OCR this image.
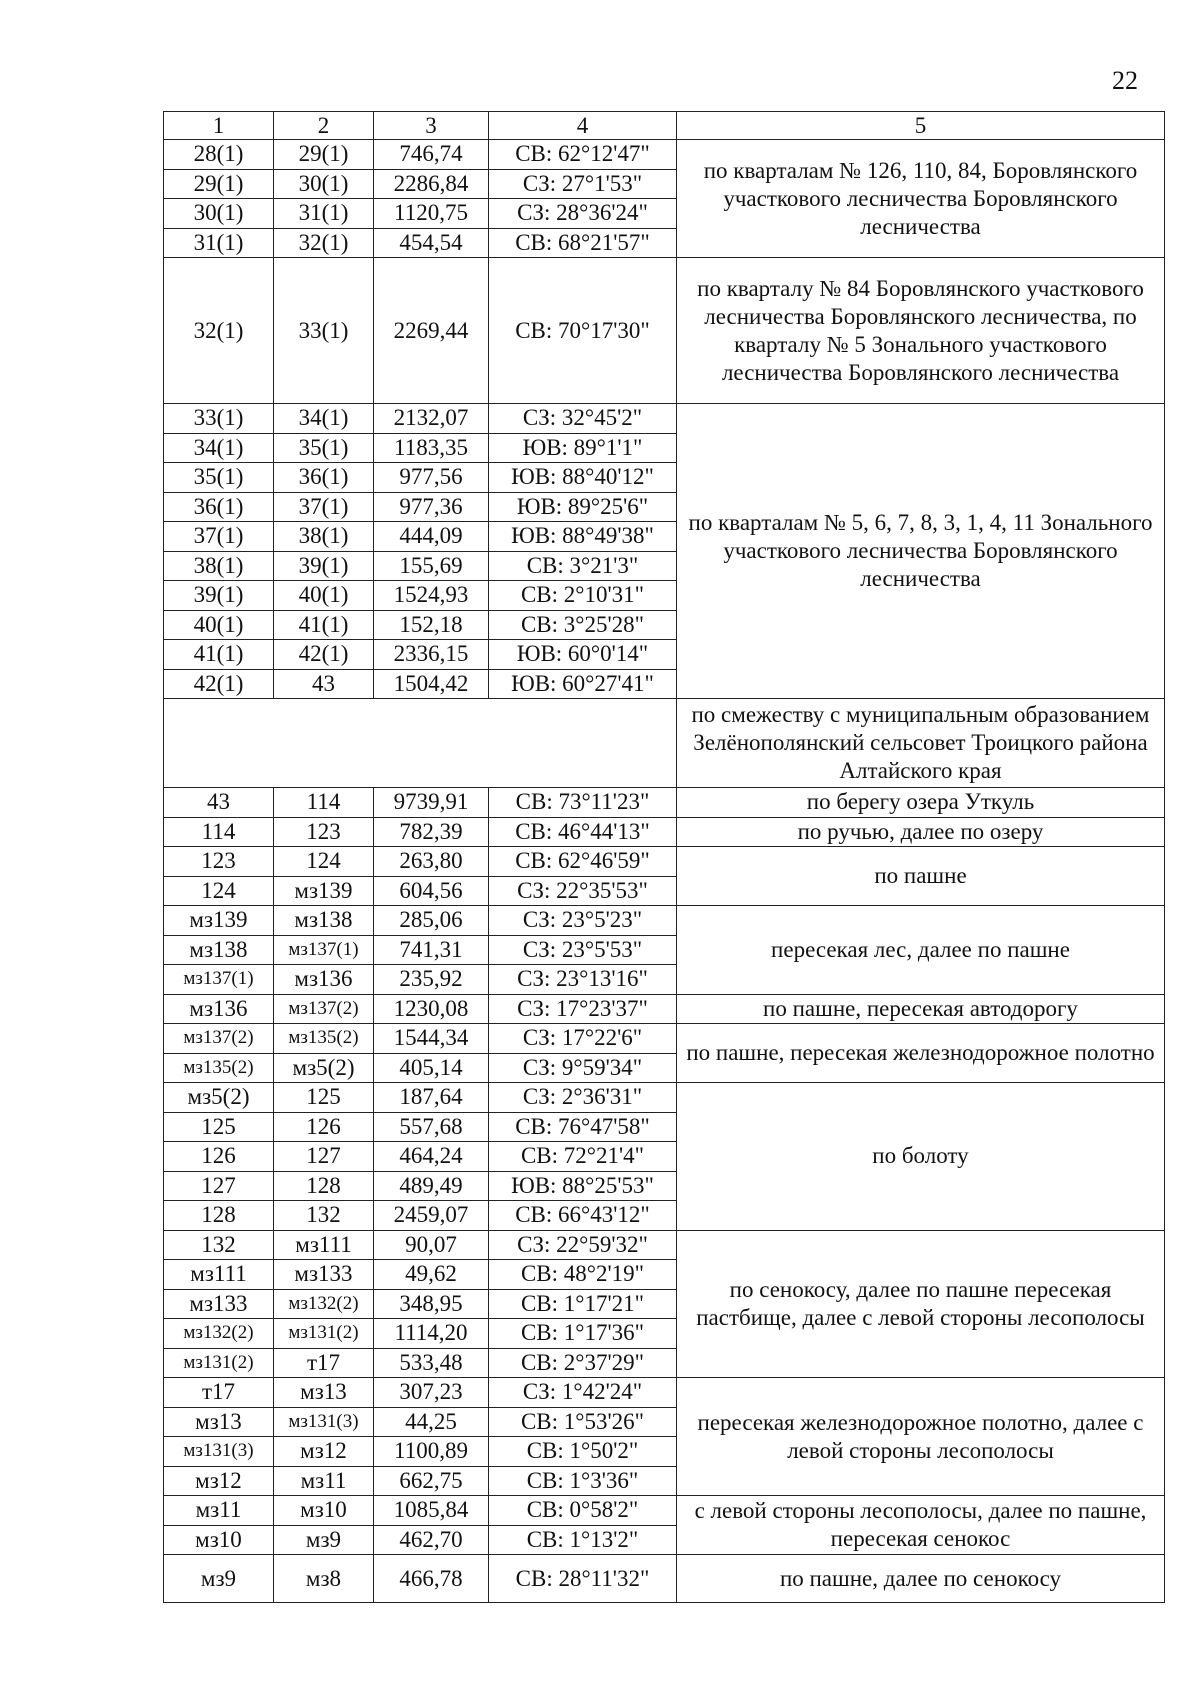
22
1	2	3	4	5
28(1)	29(1)	746,74	СВ: 62°12'47"	по кварталам № 126, 110, 84, Боровлянского участкового лесничества Боровлянского лесничества
29(1)	30(1)	2286,84	СЗ: 27°1'53"	
30(1)	31(1)	1120,75	СЗ: 28°36'24"	
31(1)	32(1)	454,54	СВ: 68°21'57"	
32(1)	33(1)	2269,44	СВ: 70°17'30"	по кварталу № 84 Боровлянского участкового лесничества Боровлянского лесничества, по кварталу № 5 Зонального участкового лесничества Боровлянского лесничества
33(1)	34(1)	2132,07	СЗ: 32°45'2"	по кварталам № 5, 6, 7, 8, 3, 1, 4, 11 Зонального участкового лесничества Боровлянского лесничества
34(1)	35(1)	1183,35	ЮВ: 89°1'1"	
35(1)	36(1)	977,56	ЮВ: 88°40'12"	
36(1)	37(1)	977,36	ЮВ: 89°25'6"	
37(1)	38(1)	444,09	ЮВ: 88°49'38"	
38(1)	39(1)	155,69	СВ: 3°21'3"	
39(1)	40(1)	1524,93	СВ: 2°10'31"	
40(1)	41(1)	152,18	СВ: 3°25'28"	
41(1)	42(1)	2336,15	ЮВ: 60°0'14"	
42(1)	43	1504,42	ЮВ: 60°27'41"	
				по смежеству с муниципальным образованием Зелёнополянский сельсовет Троицкого района Алтайского края
43	114	9739,91	СВ: 73°11'23"	по берегу озера Уткуль
114	123	782,39	СВ: 46°44'13"	по ручью, далее по озеру
123	124	263,80	СВ: 62°46'59"	по пашне
124	мз139	604,56	СЗ: 22°35'53"	
мз139	мз138	285,06	СЗ: 23°5'23"	пересекая лес, далее по пашне
мз138	мз137(1)	741,31	СЗ: 23°5'53"	
мз137(1)	мз136	235,92	СЗ: 23°13'16"	
мз136	мз137(2)	1230,08	СЗ: 17°23'37"	по пашне, пересекая автодорогу
мз137(2)	мз135(2)	1544,34	СЗ: 17°22'6"	по пашне, пересекая железнодорожное полотно
мз135(2)	мз5(2)	405,14	СЗ: 9°59'34"	
мз5(2)	125	187,64	СЗ: 2°36'31"	по болоту
125	126	557,68	СВ: 76°47'58"	
126	127	464,24	СВ: 72°21'4"	
127	128	489,49	ЮВ: 88°25'53"	
128	132	2459,07	СВ: 66°43'12"	
132	мз111	90,07	СЗ: 22°59'32"	по сенокосу, далее по пашне пересекая пастбище, далее с левой стороны лесополосы
мз111	мз133	49,62	СВ: 48°2'19"	
мз133	мз132(2)	348,95	СВ: 1°17'21"	
мз132(2)	мз131(2)	1114,20	СВ: 1°17'36"	
мз131(2)	т17	533,48	СВ: 2°37'29"	
т17	мз13	307,23	СЗ: 1°42'24"	пересекая железнодорожное полотно, далее с левой стороны лесополосы
мз13	мз131(3)	44,25	СВ: 1°53'26"	
мз131(3)	мз12	1100,89	СВ: 1°50'2"	
мз12	мз11	662,75	СВ: 1°3'36"	
мз11	мз10	1085,84	СВ: 0°58'2"	с левой стороны лесополосы, далее по пашне, пересекая сенокос
мз10	мз9	462,70	СВ: 1°13'2"	
мз9	мз8	466,78	СВ: 28°11'32"	по пашне, далее по сенокосу
